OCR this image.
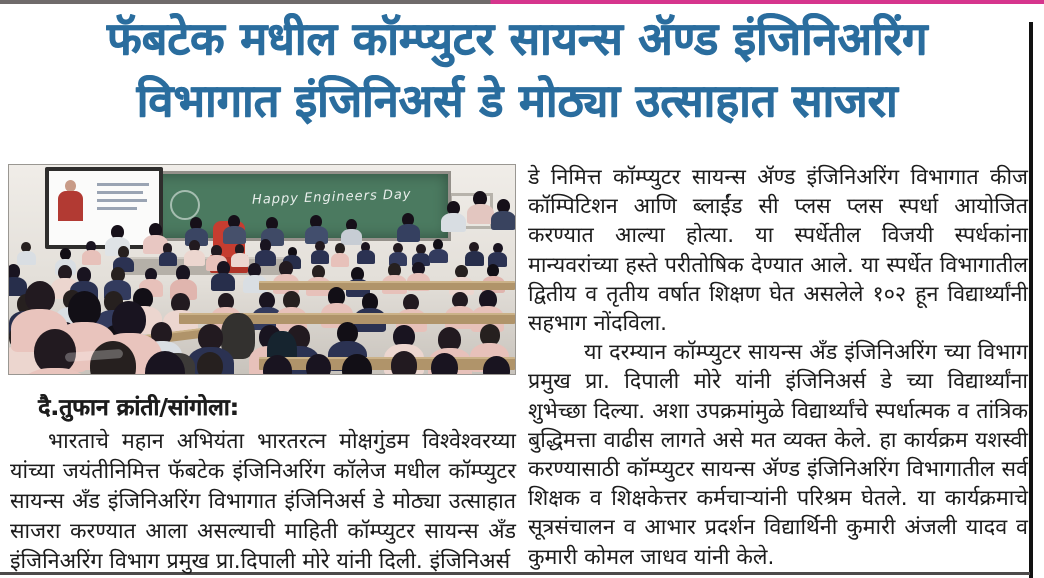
फॅबटेक मधील कॉम्प्युटर सायन्स ॲण्ड इंजिनिअरिंग
विभागात इंजिनिअर्स डे मोठ्या उत्साहात साजरा
Happy Engineers Day
दै.तुफान क्रांती/सांगोला:

भारताचे महान अभियंता भारतरत्न मोक्षगुंडम विश्वेश्वरय्या यांच्या जयंतीनिमित्त फॅबटेक इंजिनिअरिंग कॉलेज मधील कॉम्प्युटर सायन्स अँड इंजिनिअरिंग विभागात इंजिनिअर्स डे मोठ्या उत्साहात साजरा करण्यात आला असल्याची माहिती कॉम्प्युटर सायन्स अँड इंजिनिअरिंग विभाग प्रमुख प्रा.दिपाली मोरे यांनी दिली. इंजिनिअर्स

डे निमित्त कॉम्प्युटर सायन्स ॲण्ड इंजिनिअरिंग विभागात कीज कॉम्पिटिशन आणि ब्लाईंड सी प्लस प्लस स्पर्धा आयोजित करण्यात आल्या होत्या. या स्पर्धेतील विजयी स्पर्धकांना मान्यवरांच्या हस्ते परीतोषिक देण्यात आले. या स्पर्धेत विभागातील द्वितीय व तृतीय वर्षात शिक्षण घेत असलेले १०२ हून विद्यार्थ्यांनी सहभाग नोंदविला.

या दरम्यान कॉम्प्युटर सायन्स अँड इंजिनिअरिंग च्या विभाग प्रमुख प्रा. दिपाली मोरे यांनी इंजिनिअर्स डे च्या विद्यार्थ्यांना शुभेच्छा दिल्या. अशा उपक्रमांमुळे विद्यार्थ्यांचे स्पर्धात्मक व तांत्रिक बुद्धिमत्ता वाढीस लागते असे मत व्यक्त केले. हा कार्यक्रम यशस्वी करण्यासाठी कॉम्प्युटर सायन्स ॲण्ड इंजिनिअरिंग विभागातील सर्व शिक्षक व शिक्षकेत्तर कर्मचाऱ्यांनी परिश्रम घेतले. या कार्यक्रमाचे सूत्रसंचालन व आभार प्रदर्शन विद्यार्थिनी कुमारी अंजली यादव व कुमारी कोमल जाधव यांनी केले.
